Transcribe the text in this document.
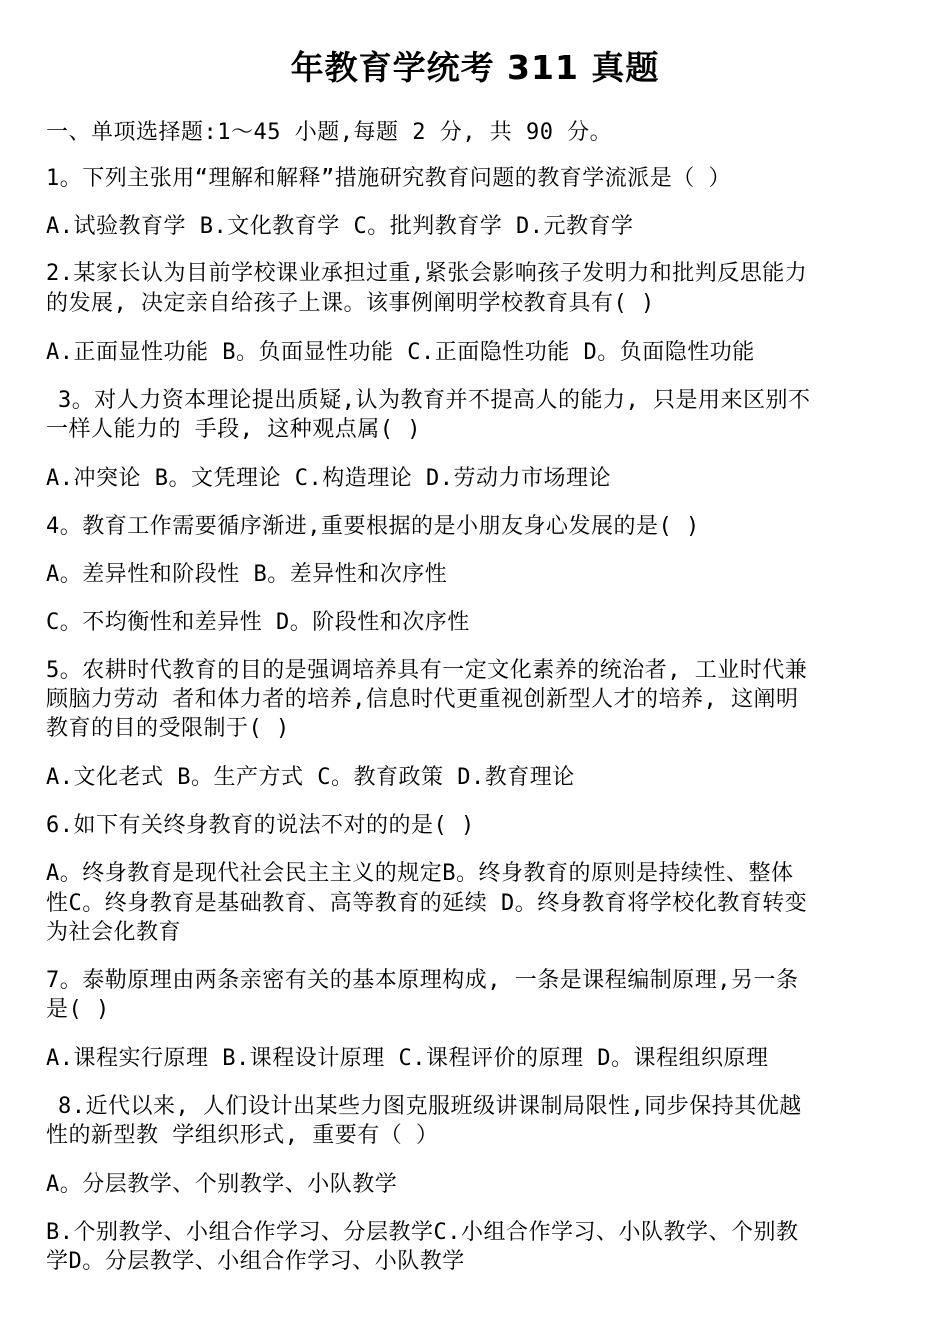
年教育学统考 311 真题
一、单项选择题:1～45 小题,每题 2 分, 共 90 分。
1。下列主张用“理解和解释”措施研究教育问题的教育学流派是（ ）
A.试验教育学 B.文化教育学 C。批判教育学 D.元教育学
2.某家长认为目前学校课业承担过重,紧张会影响孩子发明力和批判反思能力
的发展, 决定亲自给孩子上课。该事例阐明学校教育具有( )
A.正面显性功能 B。负面显性功能 C.正面隐性功能 D。负面隐性功能
3。对人力资本理论提出质疑,认为教育并不提高人的能力, 只是用来区别不
一样人能力的 手段, 这种观点属( )
A.冲突论 B。文凭理论 C.构造理论 D.劳动力市场理论
4。教育工作需要循序渐进,重要根据的是小朋友身心发展的是( )
A。差异性和阶段性 B。差异性和次序性
C。不均衡性和差异性 D。阶段性和次序性
5。农耕时代教育的目的是强调培养具有一定文化素养的统治者, 工业时代兼
顾脑力劳动 者和体力者的培养,信息时代更重视创新型人才的培养, 这阐明
教育的目的受限制于( )
A.文化老式 B。生产方式 C。教育政策 D.教育理论
6.如下有关终身教育的说法不对的的是( )
A。终身教育是现代社会民主主义的规定B。终身教育的原则是持续性、整体
性C。终身教育是基础教育、高等教育的延续 D。终身教育将学校化教育转变
为社会化教育
7。泰勒原理由两条亲密有关的基本原理构成, 一条是课程编制原理,另一条
是( )
A.课程实行原理 B.课程设计原理 C.课程评价的原理 D。课程组织原理
8.近代以来, 人们设计出某些力图克服班级讲课制局限性,同步保持其优越
性的新型教 学组织形式, 重要有（ ）
A。分层教学、个别教学、小队教学
B.个别教学、小组合作学习、分层教学C.小组合作学习、小队教学、个别教
学D。分层教学、小组合作学习、小队教学
